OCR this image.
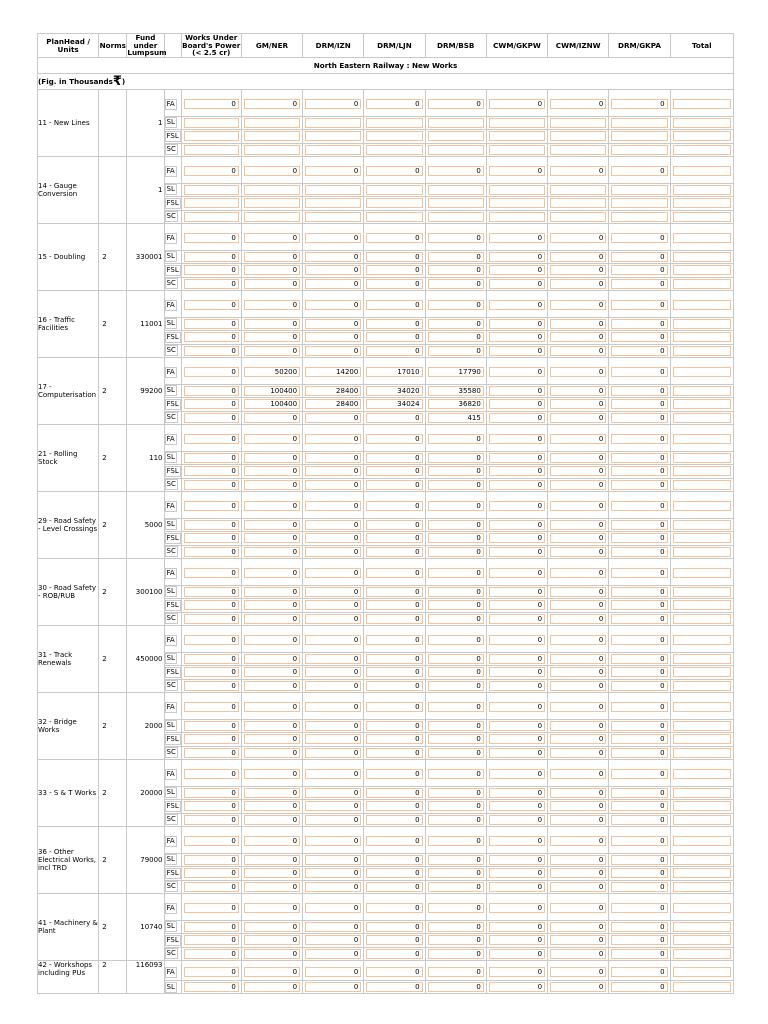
North Eastern Railway : New Works												
(Fig. in Thousands₹)												
PlanHead / Units	Norms	Fund under Lumpsum		Works Under Board's Power (< 2.5 cr)	GM/NER	DRM/IZN	DRM/LJN	DRM/BSB	CWM/GKPW	CWM/IZNW	DRM/GKPA	Total
11 - New Lines		1	FA	0	0	0	0	0	0	0	0	

			SL	

			FSL	

			SC	

14 - Gauge Conversion		1	FA	0	0	0	0	0	0	0	0	

			SL	

			FSL	

			SC	

15 - Doubling	2	330001	FA	0	0	0	0	0	0	0	0	

			SL	0	0	0	0	0	0	0	0	

			FSL	0	0	0	0	0	0	0	0	

			SC	0	0	0	0	0	0	0	0	

16 - Traffic Facilities	2	11001	FA	0	0	0	0	0	0	0	0	

			SL	0	0	0	0	0	0	0	0	

			FSL	0	0	0	0	0	0	0	0	

			SC	0	0	0	0	0	0	0	0	

17 - Computerisation	2	99200	FA	0	50200	14200	17010	17790	0	0	0	

			SL	0	100400	28400	34020	35580	0	0	0	

			FSL	0	100400	28400	34024	36820	0	0	0	

			SC	0	0	0	0	415	0	0	0	

21 - Rolling Stock	2	110	FA	0	0	0	0	0	0	0	0	

			SL	0	0	0	0	0	0	0	0	

			FSL	0	0	0	0	0	0	0	0	

			SC	0	0	0	0	0	0	0	0	

29 - Road Safety - Level Crossings	2	5000	FA	0	0	0	0	0	0	0	0	

			SL	0	0	0	0	0	0	0	0	

			FSL	0	0	0	0	0	0	0	0	

			SC	0	0	0	0	0	0	0	0	

30 - Road Safety - ROB/RUB	2	300100	FA	0	0	0	0	0	0	0	0	

			SL	0	0	0	0	0	0	0	0	

			FSL	0	0	0	0	0	0	0	0	

			SC	0	0	0	0	0	0	0	0	

31 - Track Renewals	2	450000	FA	0	0	0	0	0	0	0	0	

			SL	0	0	0	0	0	0	0	0	

			FSL	0	0	0	0	0	0	0	0	

			SC	0	0	0	0	0	0	0	0	

32 - Bridge Works	2	2000	FA	0	0	0	0	0	0	0	0	

			SL	0	0	0	0	0	0	0	0	

			FSL	0	0	0	0	0	0	0	0	

			SC	0	0	0	0	0	0	0	0	

33 - S & T Works	2	20000	FA	0	0	0	0	0	0	0	0	

			SL	0	0	0	0	0	0	0	0	

			FSL	0	0	0	0	0	0	0	0	

			SC	0	0	0	0	0	0	0	0	

36 - Other Electrical Works, incl TRD	2	79000	FA	0	0	0	0	0	0	0	0	

			SL	0	0	0	0	0	0	0	0	

			FSL	0	0	0	0	0	0	0	0	

			SC	0	0	0	0	0	0	0	0	

41 - Machinery & Plant	2	10740	FA	0	0	0	0	0	0	0	0	

			SL	0	0	0	0	0	0	0	0	

			FSL	0	0	0	0	0	0	0	0	

			SC	0	0	0	0	0	0	0	0	

42 - Workshops including PUs	2	116093	FA	0	0	0	0	0	0	0	0	

			SL	0	0	0	0	0	0	0	0	
